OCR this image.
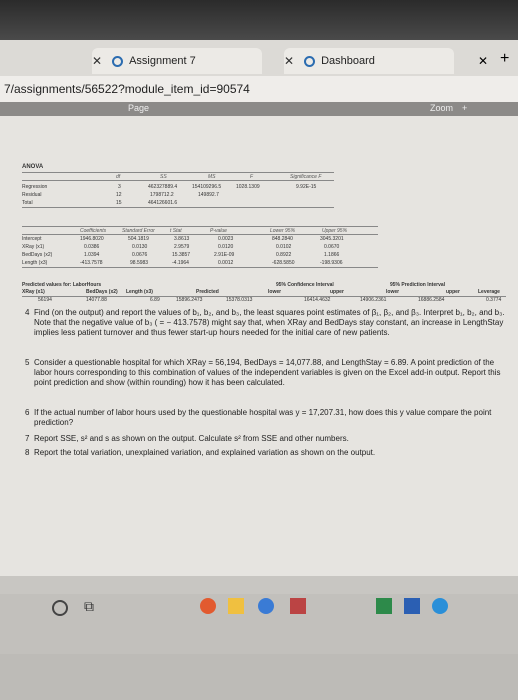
✕ Assignment 7	✕ Dashboard	✕ +
7/assignments/56522?module_item_id=90574
Page	Zoom +
ANOVA
df	SS	MS	F	Significance F
Regression	3	462327889.4	154109296.5	1028.1309	9.92E-15
Residual	12	1798712.2	149892.7
Total	15	464126601.6
Coefficients	Standard Error	t Stat	P-value	Lower 95%	Upper 95%
Intercept	1946.8020	504.1819	3.8613	0.0023	848.2840	3045.3201
XRay (x1)	0.0386	0.0130	2.9579	0.0120	0.0102	0.0670
BedDays (x2)	1.0394	0.0676	15.3857	2.91E-09	0.8922	1.1866
Length (x3)	-413.7578	98.5983	-4.1964	0.0012	-628.5850	-198.9306
Predicted values for: LaborHours	95% Confidence Interval	95% Prediction Interval
XRay (x1)	BedDays (x2) Length (x3)	Predicted	lower	upper	lower	upper	Leverage
56194	14077.88	6.89	15896.2473	15378.0313	16414.4632	14906.2361	16886.2584	0.3774
4 Find (on the output) and report the values of b₁, b₂, and b₃, the least squares point estimates of β₁, β₂, and β₃. Interpret b₁, b₂, and b₃. Note that the negative value of b₃ ( = − 413.7578) might say that, when XRay and BedDays stay constant, an increase in LengthStay implies less patient turnover and thus fewer start-up hours needed for the initial care of new patients.
5 Consider a questionable hospital for which XRay = 56,194, BedDays = 14,077.88, and LengthStay = 6.89. A point prediction of the labor hours corresponding to this combination of values of the independent variables is given on the Excel add-in output. Report this point prediction and show (within rounding) how it has been calculated.
6 If the actual number of labor hours used by the questionable hospital was y = 17,207.31, how does this y value compare the point prediction?
7 Report SSE, s² and s as shown on the output. Calculate s² from SSE and other numbers.
8 Report the total variation, unexplained variation, and explained variation as shown on the output.
⧉
